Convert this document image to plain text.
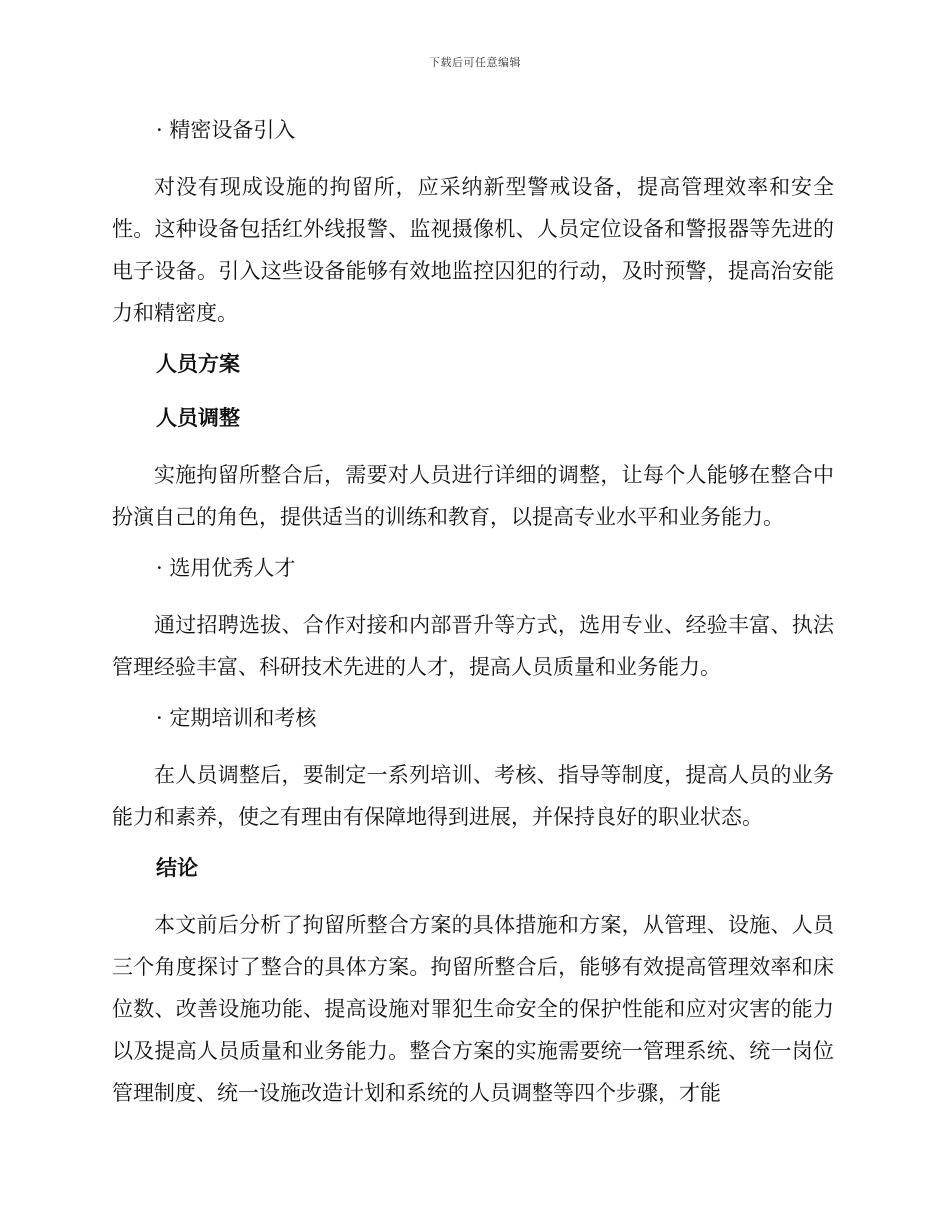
下载后可任意编辑
· 精密设备引入

对没有现成设施的拘留所，应采纳新型警戒设备，提高管理效率和安全性。这种设备包括红外线报警、监视摄像机、人员定位设备和警报器等先进的电子设备。引入这些设备能够有效地监控囚犯的行动，及时预警，提高治安能力和精密度。

人员方案
人员调整

实施拘留所整合后，需要对人员进行详细的调整，让每个人能够在整合中扮演自己的角色，提供适当的训练和教育，以提高专业水平和业务能力。

· 选用优秀人才

通过招聘选拔、合作对接和内部晋升等方式，选用专业、经验丰富、执法管理经验丰富、科研技术先进的人才，提高人员质量和业务能力。

· 定期培训和考核

在人员调整后，要制定一系列培训、考核、指导等制度，提高人员的业务能力和素养，使之有理由有保障地得到进展，并保持良好的职业状态。

结论

本文前后分析了拘留所整合方案的具体措施和方案，从管理、设施、人员三个角度探讨了整合的具体方案。拘留所整合后，能够有效提高管理效率和床位数、改善设施功能、提高设施对罪犯生命安全的保护性能和应对灾害的能力以及提高人员质量和业务能力。整合方案的实施需要统一管理系统、统一岗位管理制度、统一设施改造计划和系统的人员调整等四个步骤，才能
